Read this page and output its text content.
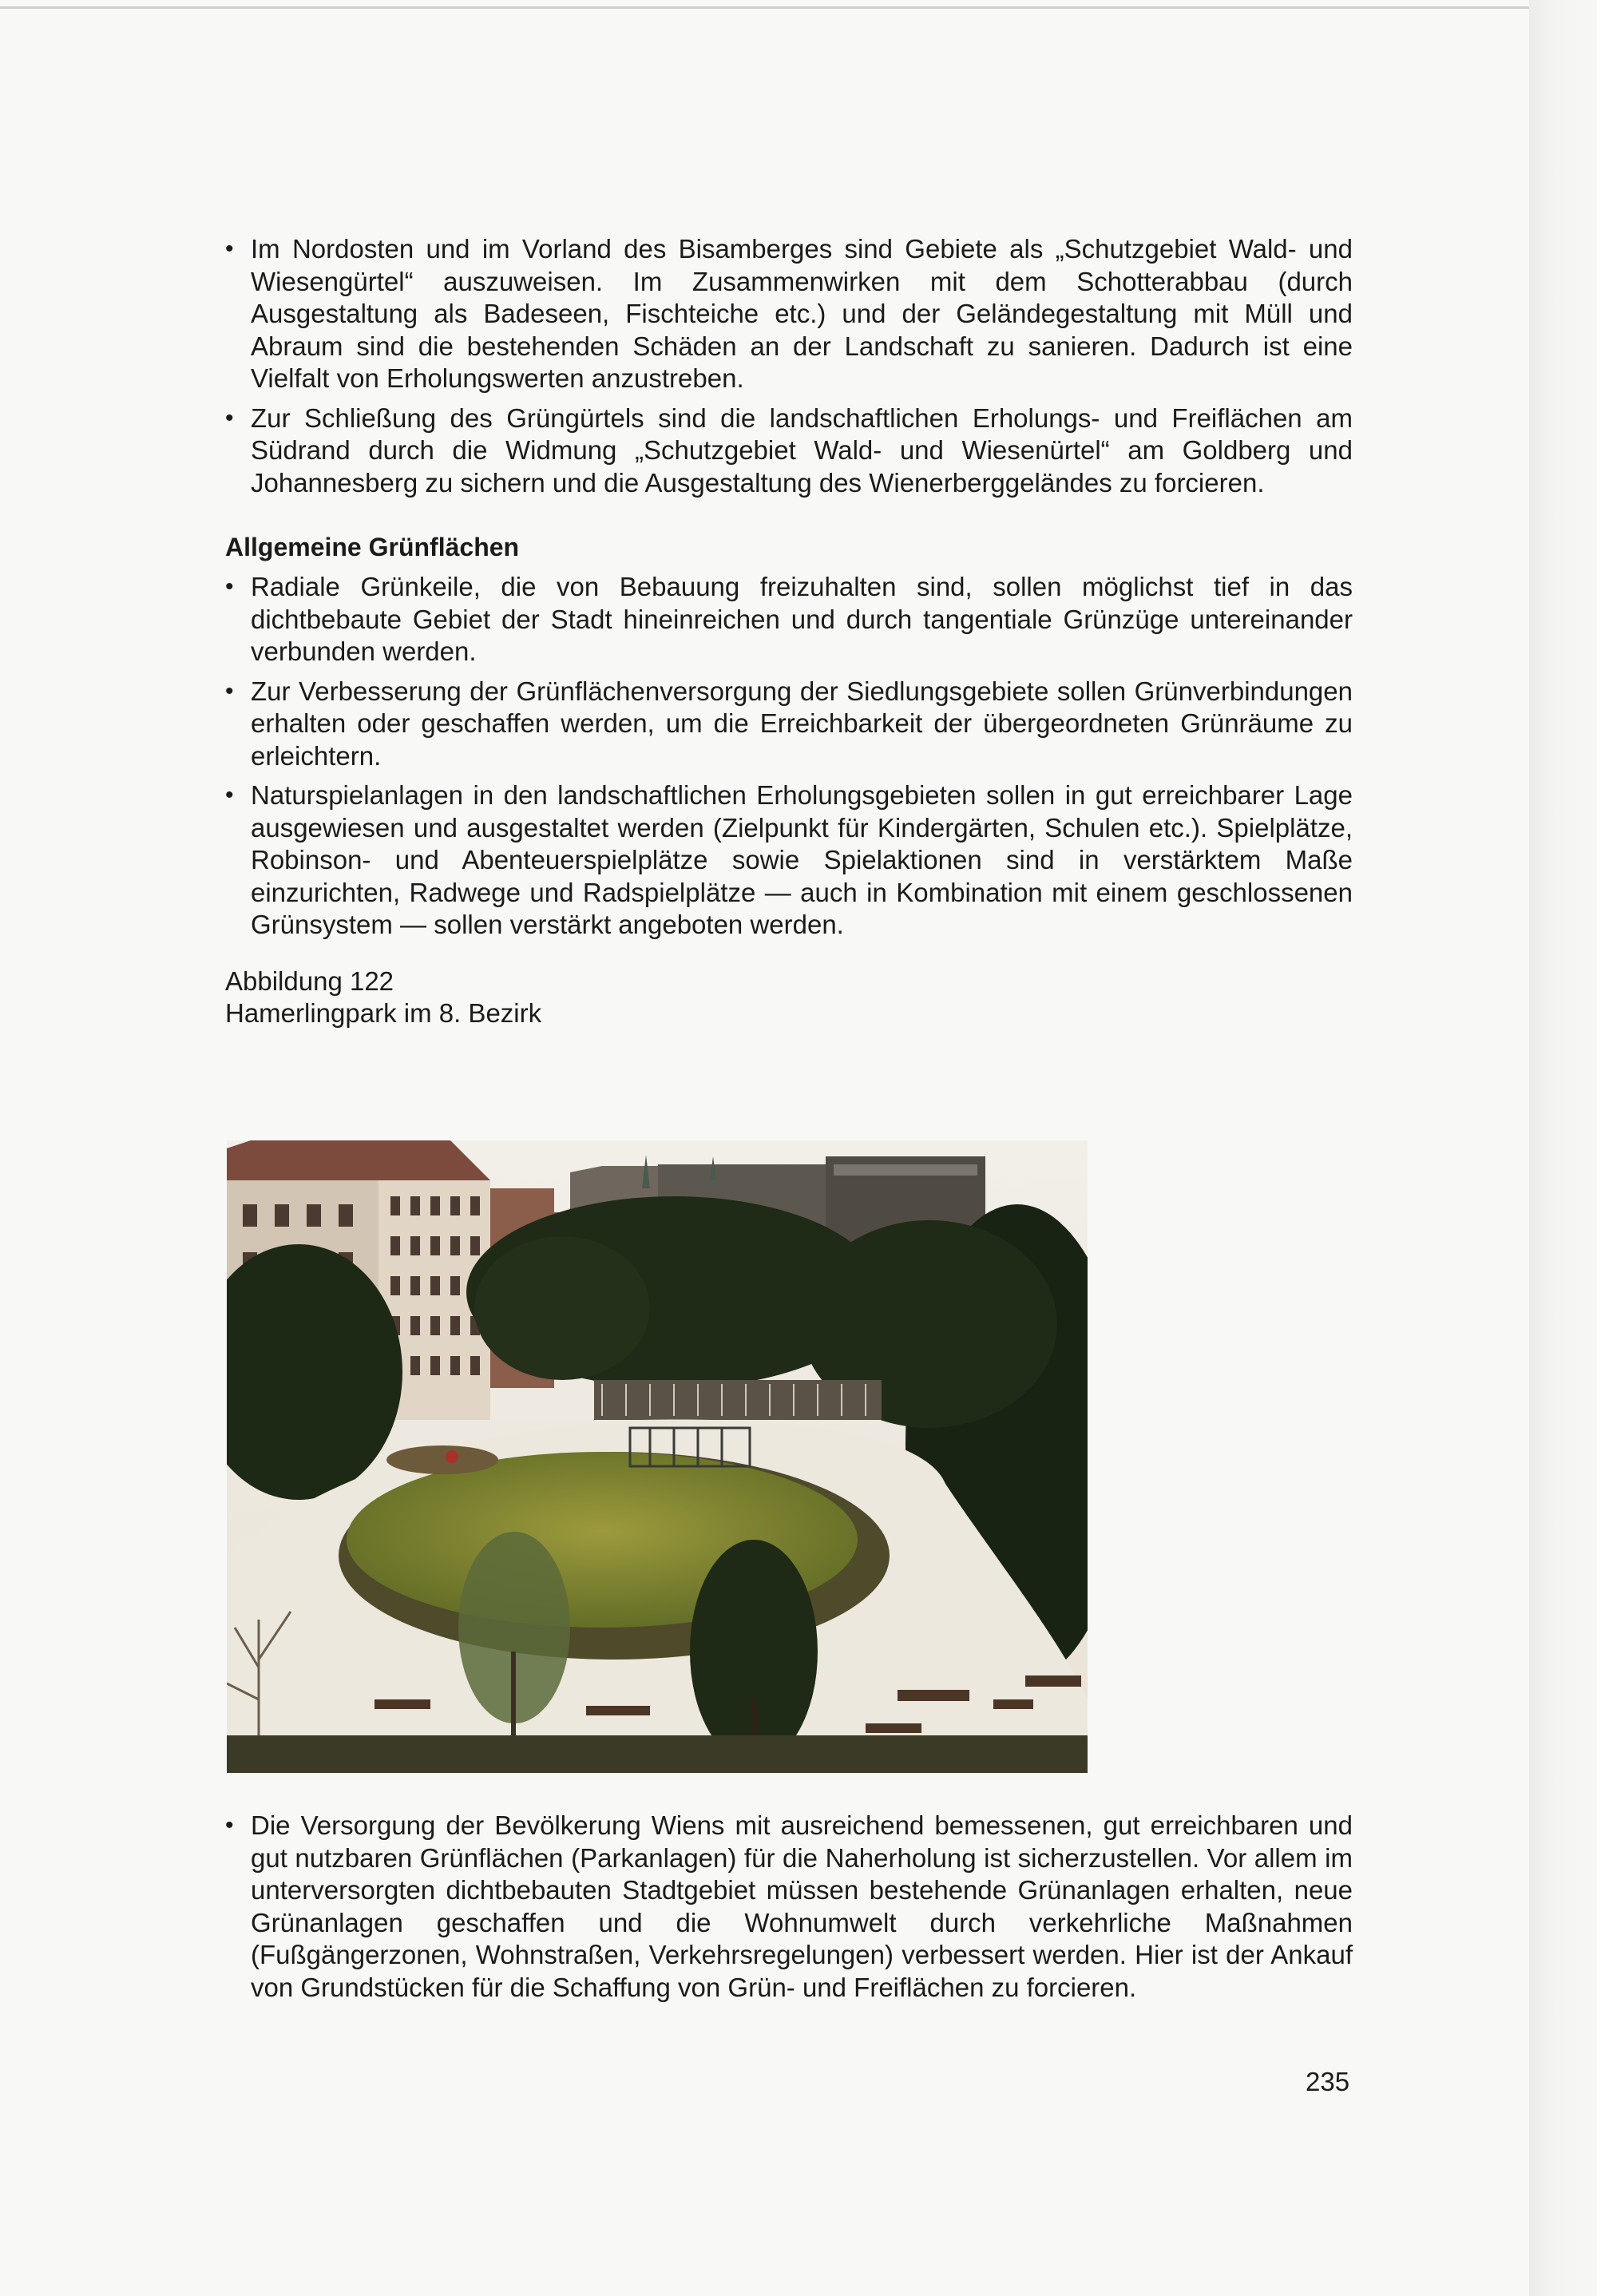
• Im Nordosten und im Vorland des Bisamberges sind Gebiete als „Schutzgebiet Wald- und Wiesengürtel“ auszuweisen. Im Zusammenwirken mit dem Schotterabbau (durch Ausgestaltung als Badeseen, Fischteiche etc.) und der Geländegestaltung mit Müll und Abraum sind die bestehenden Schäden an der Landschaft zu sanieren. Dadurch ist eine Vielfalt von Erholungswerten anzustreben.

• Zur Schließung des Grüngürtels sind die landschaftlichen Erholungs- und Freiflächen am Südrand durch die Widmung „Schutzgebiet Wald- und Wiesenürtel“ am Goldberg und Johannesberg zu sichern und die Ausgestaltung des Wienerberggeländes zu forcieren.

Allgemeine Grünflächen

• Radiale Grünkeile, die von Bebauung freizuhalten sind, sollen möglichst tief in das dichtbebaute Gebiet der Stadt hineinreichen und durch tangentiale Grünzüge untereinander verbunden werden.

• Zur Verbesserung der Grünflächenversorgung der Siedlungsgebiete sollen Grünverbindungen erhalten oder geschaffen werden, um die Erreichbarkeit der übergeordneten Grünräume zu erleichtern.

• Naturspielanlagen in den landschaftlichen Erholungsgebieten sollen in gut erreichbarer Lage ausgewiesen und ausgestaltet werden (Zielpunkt für Kindergärten, Schulen etc.). Spielplätze, Robinson- und Abenteuerspielplätze sowie Spielaktionen sind in verstärktem Maße einzurichten, Radwege und Radspielplätze — auch in Kombination mit einem geschlossenen Grünsystem — sollen verstärkt angeboten werden.

Abbildung 122
Hamerlingpark im 8. Bezirk

• Die Versorgung der Bevölkerung Wiens mit ausreichend bemessenen, gut erreichbaren und gut nutzbaren Grünflächen (Parkanlagen) für die Naherholung ist sicherzustellen. Vor allem im unterversorgten dichtbebauten Stadtgebiet müssen bestehende Grünanlagen erhalten, neue Grünanlagen geschaffen und die Wohnumwelt durch verkehrliche Maßnahmen (Fußgängerzonen, Wohnstraßen, Verkehrsregelungen) verbessert werden. Hier ist der Ankauf von Grundstücken für die Schaffung von Grün- und Freiflächen zu forcieren.

235
